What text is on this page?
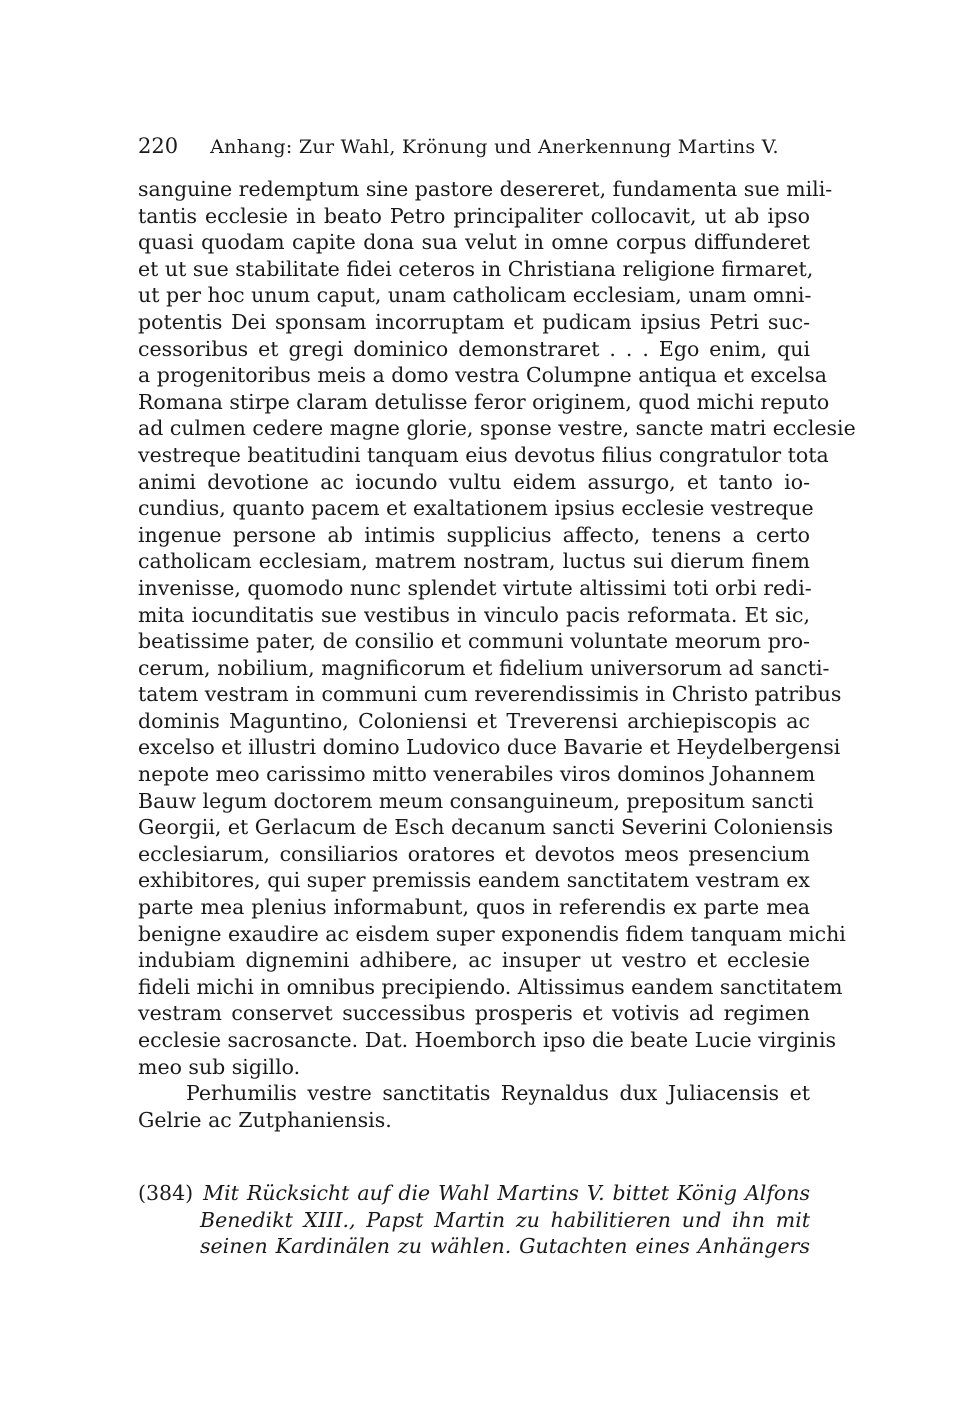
220 Anhang: Zur Wahl, Krönung und Anerkennung Martins V.
sanguine redemptum sine pastore desereret, fundamenta sue mili-
tantis ecclesie in beato Petro principaliter collocavit, ut ab ipso
quasi quodam capite dona sua velut in omne corpus diffunderet
et ut sue stabilitate fidei ceteros in Christiana religione firmaret,
ut per hoc unum caput, unam catholicam ecclesiam, unam omni-
potentis Dei sponsam incorruptam et pudicam ipsius Petri suc-
cessoribus et gregi dominico demonstraret . . . Ego enim, qui
a progenitoribus meis a domo vestra Columpne antiqua et excelsa
Romana stirpe claram detulisse feror originem, quod michi reputo
ad culmen cedere magne glorie, sponse vestre, sancte matri ecclesie
vestreque beatitudini tanquam eius devotus filius congratulor tota
animi devotione ac iocundo vultu eidem assurgo, et tanto io-
cundius, quanto pacem et exaltationem ipsius ecclesie vestreque
ingenue persone ab intimis supplicius affecto, tenens a certo
catholicam ecclesiam, matrem nostram, luctus sui dierum finem
invenisse, quomodo nunc splendet virtute altissimi toti orbi redi-
mita iocunditatis sue vestibus in vinculo pacis reformata. Et sic,
beatissime pater, de consilio et communi voluntate meorum pro-
cerum, nobilium, magnificorum et fidelium universorum ad sancti-
tatem vestram in communi cum reverendissimis in Christo patribus
dominis Maguntino, Coloniensi et Treverensi archiepiscopis ac
excelso et illustri domino Ludovico duce Bavarie et Heydelbergensi
nepote meo carissimo mitto venerabiles viros dominos Johannem
Bauw legum doctorem meum consanguineum, prepositum sancti
Georgii, et Gerlacum de Esch decanum sancti Severini Coloniensis
ecclesiarum, consiliarios oratores et devotos meos presencium
exhibitores, qui super premissis eandem sanctitatem vestram ex
parte mea plenius informabunt, quos in referendis ex parte mea
benigne exaudire ac eisdem super exponendis fidem tanquam michi
indubiam dignemini adhibere, ac insuper ut vestro et ecclesie
fideli michi in omnibus precipiendo. Altissimus eandem sanctitatem
vestram conservet successibus prosperis et votivis ad regimen
ecclesie sacrosancte. Dat. Hoemborch ipso die beate Lucie virginis
meo sub sigillo.
Perhumilis vestre sanctitatis Reynaldus dux Juliacensis et
Gelrie ac Zutphaniensis.
(384) Mit Rücksicht auf die Wahl Martins V. bittet König Alfons
Benedikt XIII., Papst Martin zu habilitieren und ihn mit
seinen Kardinälen zu wählen. Gutachten eines Anhängers
